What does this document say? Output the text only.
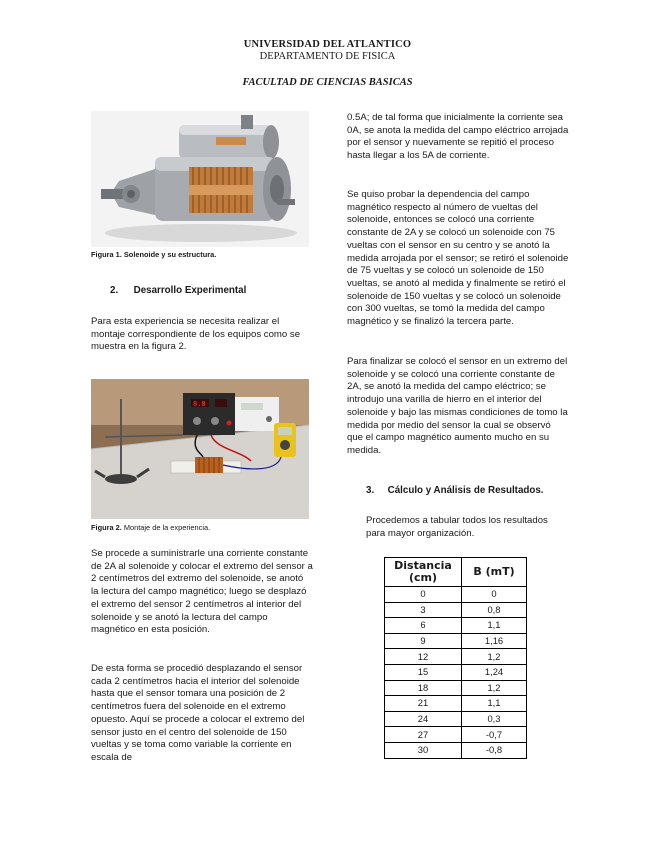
UNIVERSIDAD DEL ATLANTICO
DEPARTAMENTO DE FISICA
FACULTAD DE CIENCIAS BASICAS
Figura 1. Solenoide y su estructura.
2. Desarrollo Experimental

Para esta experiencia se necesita realizar el montaje correspondiente de los equipos como se muestra en la figura 2.

8.8
Figura 2. Montaje de la experiencia.

Se procede a suministrarle una corriente constante de 2A al solenoide y colocar el extremo del sensor a 2 centímetros del extremo del solenoide, se anotó la lectura del campo magnético; luego se desplazó el extremo del sensor 2 centímetros al interior del solenoide y se anotó la lectura del campo magnético en esta posición.

De esta forma se procedió desplazando el sensor cada 2 centímetros hacia el interior del solenoide hasta que el sensor tomara una posición de 2 centímetros fuera del solenoide en el extremo opuesto. Aquí se procede a colocar el extremo del sensor justo en el centro del solenoide de 150 vueltas y se toma como variable la corriente en escala de

0.5A; de tal forma que inicialmente la corriente sea 0A, se anota la medida del campo eléctrico arrojada por el sensor y nuevamente se repitió el proceso hasta llegar a los 5A de corriente.

Se quiso probar la dependencia del campo magnético respecto al número de vueltas del solenoide, entonces se colocó una corriente constante de 2A y se colocó un solenoide con 75 vueltas con el sensor en su centro y se anotó la medida arrojada por el sensor; se retiró el solenoide de 75 vueltas y se colocó un solenoide de 150 vueltas, se anotó al medida y finalmente se retiró el solenoide de 150 vueltas y se colocó un solenoide con 300 vueltas, se tomó la medida del campo magnético y se finalizó la tercera parte.

Para finalizar se colocó el sensor en un extremo del solenoide y se colocó una corriente constante de 2A, se anotó la medida del campo eléctrico; se introdujo una varilla de hierro en el interior del solenoide y bajo las mismas condiciones de tomo la medida por medio del sensor la cual se observó que el campo magnético aumento mucho en su medida.

3. Cálculo y Análisis de Resultados.

Procedemos a tabular todos los resultados para mayor organización.

Distancia (cm)	B (mT)
0	0
3	0,8
6	1,1
9	1,16
12	1,2
15	1,24
18	1,2
21	1,1
24	0,3
27	-0,7
30	-0,8
